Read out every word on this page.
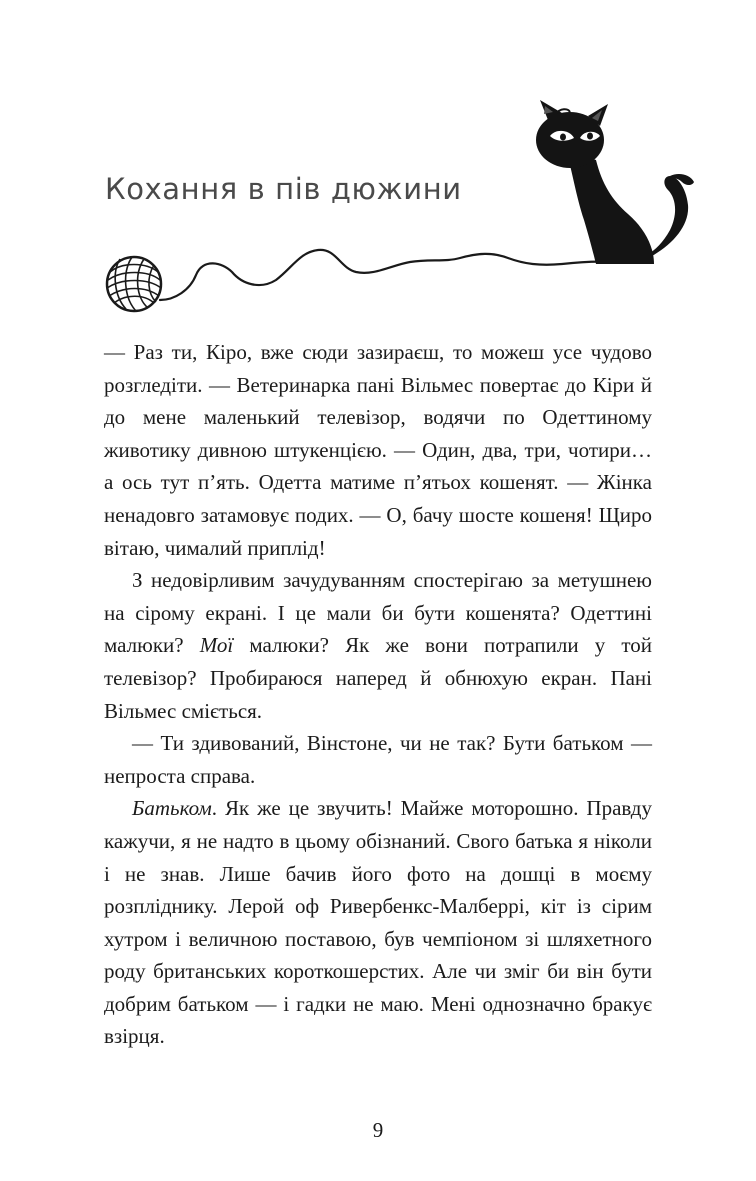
Кохання в пів дюжини

— Раз ти, Кіро, вже сюди зазираєш, то можеш усе чудово розгледіти. — Ветеринарка пані Вільмес повертає до Кіри й до мене маленький телевізор, водячи по Одеттиному животику дивною штукенцією. — Один, два, три, чотири… а ось тут п’ять. Одетта матиме п’ятьох кошенят. — Жінка ненадовго затамовує подих. — О, бачу шосте кошеня! Щиро вітаю, чималий приплід!

З недовірливим зачудуванням спостерігаю за метушнею на сірому екрані. І це мали би бути кошенята? Одеттині малюки? Мої малюки? Як же вони потрапили у той телевізор? Пробираюся наперед й обнюхую екран. Пані Вільмес сміється.

— Ти здивований, Вінстоне, чи не так? Бути батьком — непроста справа.

Батьком. Як же це звучить! Майже моторошно. Правду кажучи, я не надто в цьому обізнаний. Свого батька я ніколи і не знав. Лише бачив його фото на дошці в моєму розпліднику. Лерой оф Ривербенкс-Малберрі, кіт із сірим хутром і величною поставою, був чемпіоном зі шляхетного роду британських короткошерстих. Але чи зміг би він бути добрим батьком — і гадки не маю. Мені однозначно бракує взірця.

9
